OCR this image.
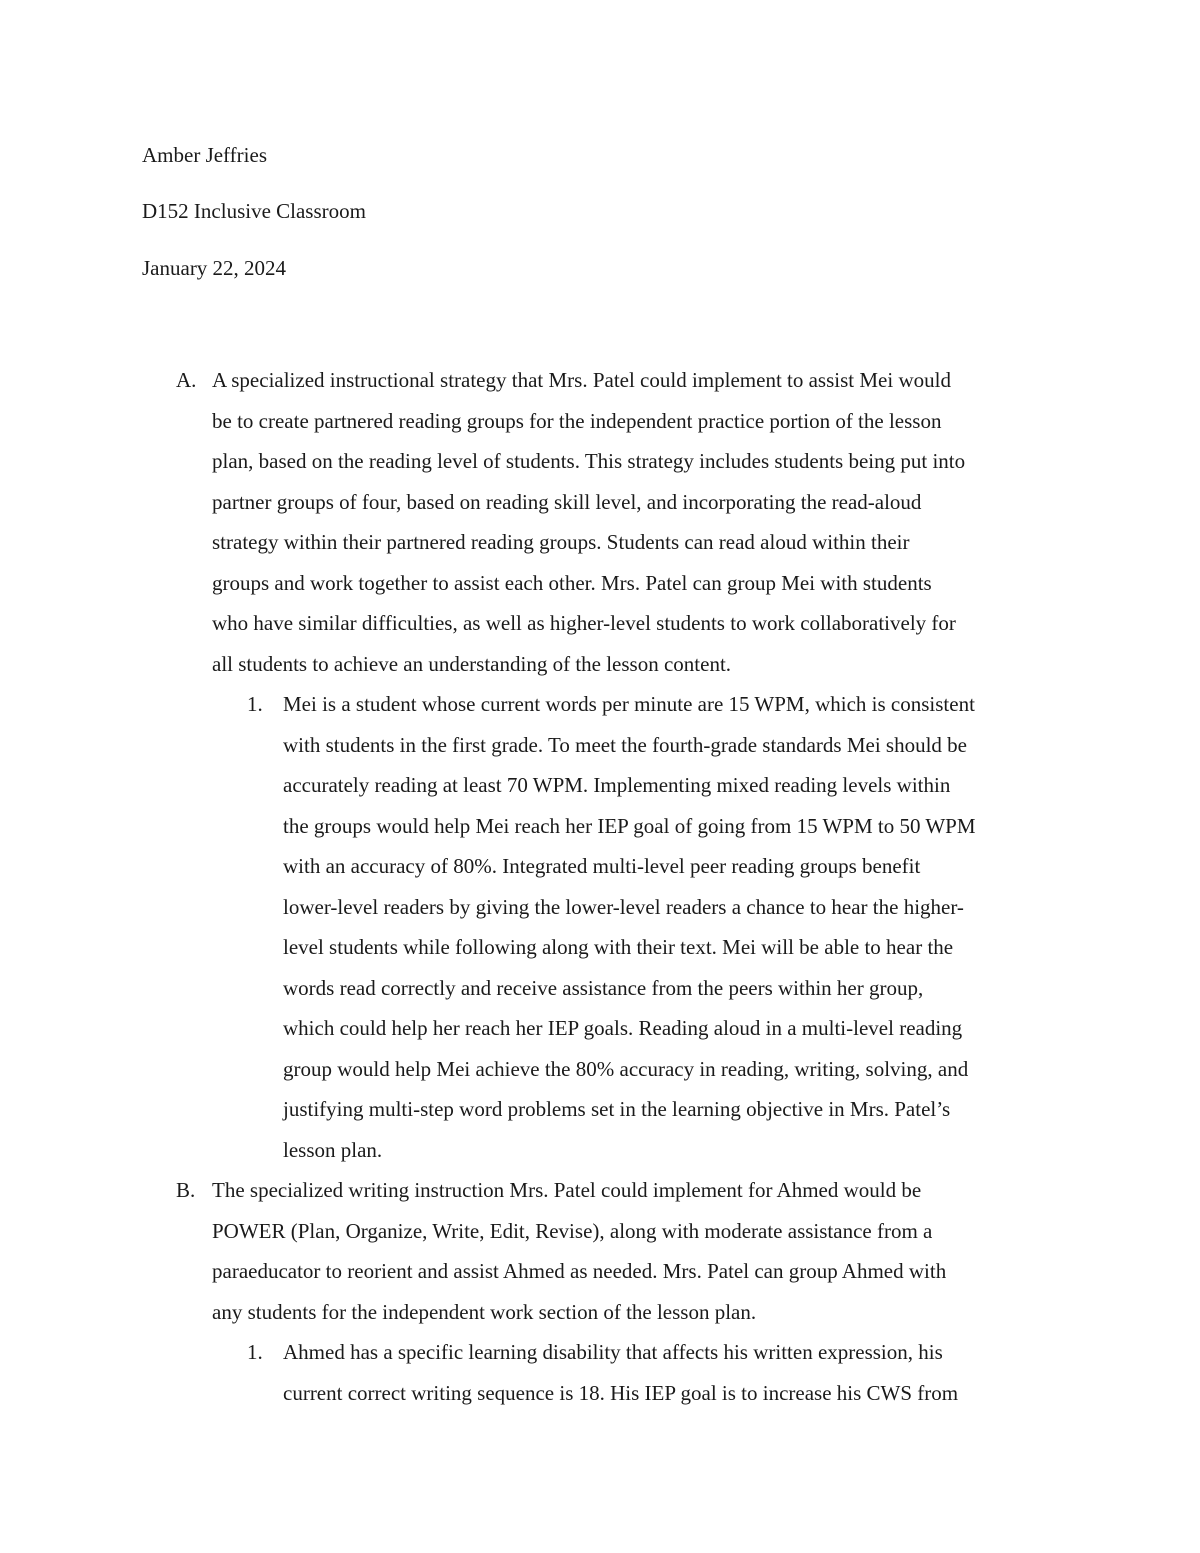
Amber Jeffries

D152 Inclusive Classroom

January 22, 2024

A. A specialized instructional strategy that Mrs. Patel could implement to assist Mei would
be to create partnered reading groups for the independent practice portion of the lesson
plan, based on the reading level of students. This strategy includes students being put into
partner groups of four, based on reading skill level, and incorporating the read-aloud
strategy within their partnered reading groups. Students can read aloud within their
groups and work together to assist each other. Mrs. Patel can group Mei with students
who have similar difficulties, as well as higher-level students to work collaboratively for
all students to achieve an understanding of the lesson content.

1. Mei is a student whose current words per minute are 15 WPM, which is consistent
with students in the first grade. To meet the fourth-grade standards Mei should be
accurately reading at least 70 WPM. Implementing mixed reading levels within
the groups would help Mei reach her IEP goal of going from 15 WPM to 50 WPM
with an accuracy of 80%. Integrated multi-level peer reading groups benefit
lower-level readers by giving the lower-level readers a chance to hear the higher-
level students while following along with their text. Mei will be able to hear the
words read correctly and receive assistance from the peers within her group,
which could help her reach her IEP goals. Reading aloud in a multi-level reading
group would help Mei achieve the 80% accuracy in reading, writing, solving, and
justifying multi-step word problems set in the learning objective in Mrs. Patel’s
lesson plan.

B. The specialized writing instruction Mrs. Patel could implement for Ahmed would be
POWER (Plan, Organize, Write, Edit, Revise), along with moderate assistance from a
paraeducator to reorient and assist Ahmed as needed. Mrs. Patel can group Ahmed with
any students for the independent work section of the lesson plan.

1. Ahmed has a specific learning disability that affects his written expression, his
current correct writing sequence is 18. His IEP goal is to increase his CWS from
